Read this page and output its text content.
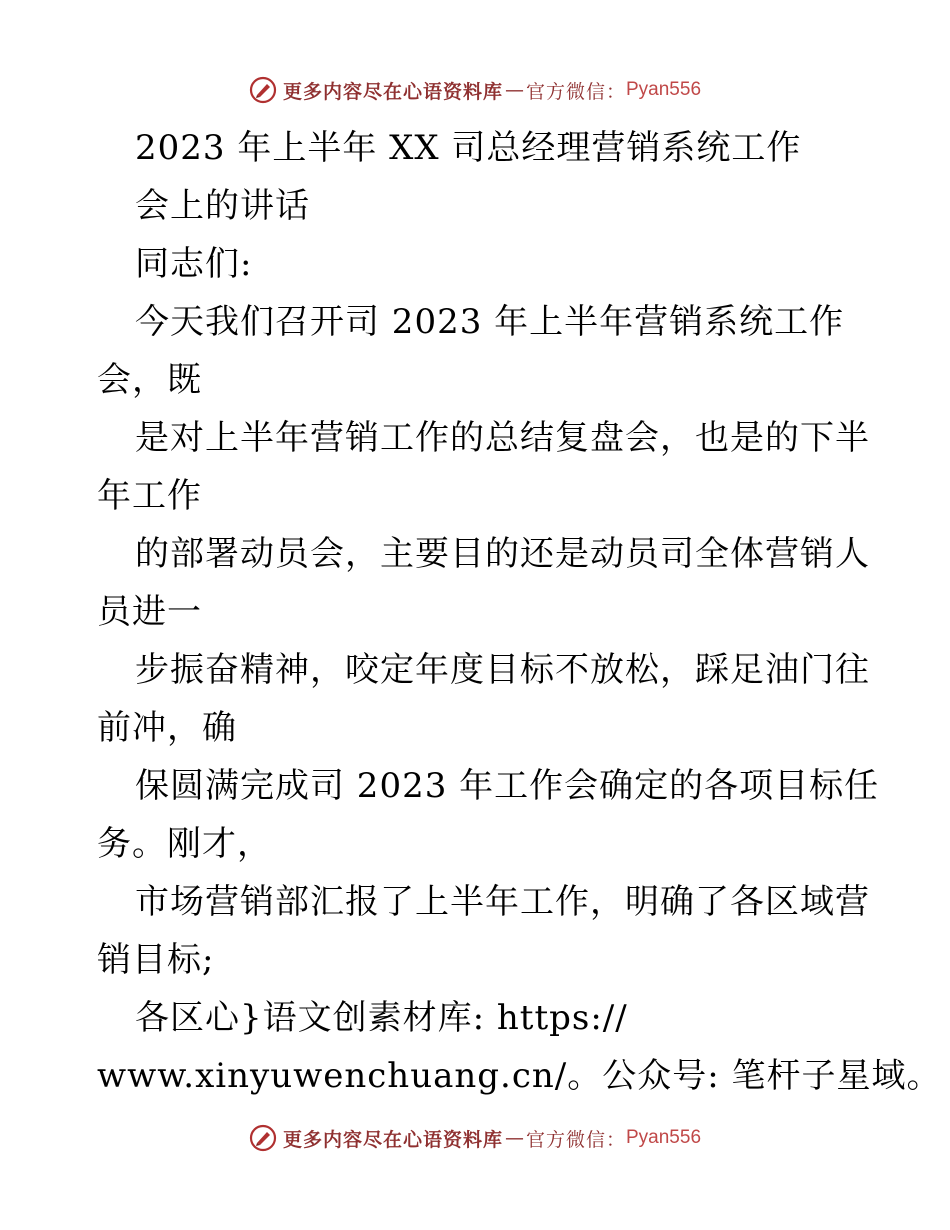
更多内容尽在心语资料库 — 官方微信： Pyan556
2023 年上半年 XX 司总经理营销系统工作
会上的讲话
同志们:
今天我们召开司 2023 年上半年营销系统工作
会，既
是对上半年营销工作的总结复盘会，也是的下半
年工作
的部署动员会，主要目的还是动员司全体营销人
员进一
步振奋精神，咬定年度目标不放松，踩足油门往
前冲，确
保圆满完成司 2023 年工作会确定的各项目标任
务。刚才，
市场营销部汇报了上半年工作，明确了各区域营
销目标;
各区心}语文创素材库: https://
www.xinyuwenchuang.cn/。公众号: 笔杆子星域。
更多内容尽在心语资料库 — 官方微信： Pyan556
